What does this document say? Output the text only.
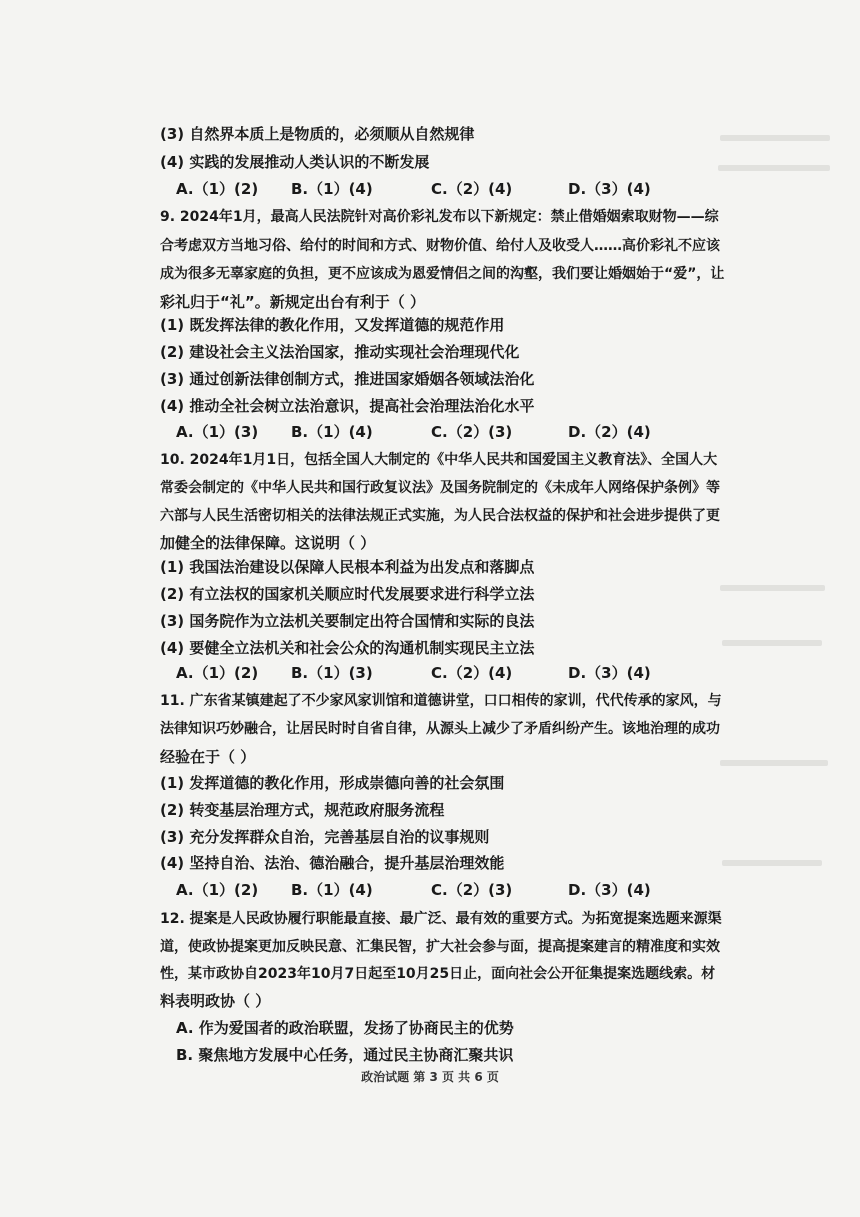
(3) 自然界本质上是物质的，必须顺从自然规律
(4) 实践的发展推动人类认识的不断发展
A.（1）(2) B.（1）(4)	C.（2）(4)	D.（3）(4)
9. 2024年1月，最高人民法院针对高价彩礼发布以下新规定：禁止借婚姻索取财物——综
合考虑双方当地习俗、给付的时间和方式、财物价值、给付人及收受人……高价彩礼不应该
成为很多无辜家庭的负担，更不应该成为恩爱情侣之间的沟壑，我们要让婚姻始于“爱”，让
彩礼归于“礼”。新规定出台有利于（ ）
(1) 既发挥法律的教化作用，又发挥道德的规范作用
(2) 建设社会主义法治国家，推动实现社会治理现代化
(3) 通过创新法律创制方式，推进国家婚姻各领域法治化
(4) 推动全社会树立法治意识，提高社会治理法治化水平
A.（1）(3) B.（1）(4)	C.（2）(3)	D.（2）(4)
10. 2024年1月1日，包括全国人大制定的《中华人民共和国爱国主义教育法》、全国人大
常委会制定的《中华人民共和国行政复议法》及国务院制定的《未成年人网络保护条例》等
六部与人民生活密切相关的法律法规正式实施，为人民合法权益的保护和社会进步提供了更
加健全的法律保障。这说明（ ）
(1) 我国法治建设以保障人民根本利益为出发点和落脚点
(2) 有立法权的国家机关顺应时代发展要求进行科学立法
(3) 国务院作为立法机关要制定出符合国情和实际的良法
(4) 要健全立法机关和社会公众的沟通机制实现民主立法
A.（1）(2) B.（1）(3)	C.（2）(4)	D.（3）(4)
11. 广东省某镇建起了不少家风家训馆和道德讲堂，口口相传的家训，代代传承的家风，与
法律知识巧妙融合，让居民时时自省自律，从源头上减少了矛盾纠纷产生。该地治理的成功
经验在于（ ）
(1) 发挥道德的教化作用，形成崇德向善的社会氛围
(2) 转变基层治理方式，规范政府服务流程
(3) 充分发挥群众自治，完善基层自治的议事规则
(4) 坚持自治、法治、德治融合，提升基层治理效能
A.（1）(2) B.（1）(4)	C.（2）(3)	D.（3）(4)
12. 提案是人民政协履行职能最直接、最广泛、最有效的重要方式。为拓宽提案选题来源渠
道，使政协提案更加反映民意、汇集民智，扩大社会参与面，提高提案建言的精准度和实效
性，某市政协自2023年10月7日起至10月25日止，面向社会公开征集提案选题线索。材
料表明政协（ ）
A. 作为爱国者的政治联盟，发扬了协商民主的优势
B. 聚焦地方发展中心任务，通过民主协商汇聚共识
政治试题 第 3 页 共 6 页
